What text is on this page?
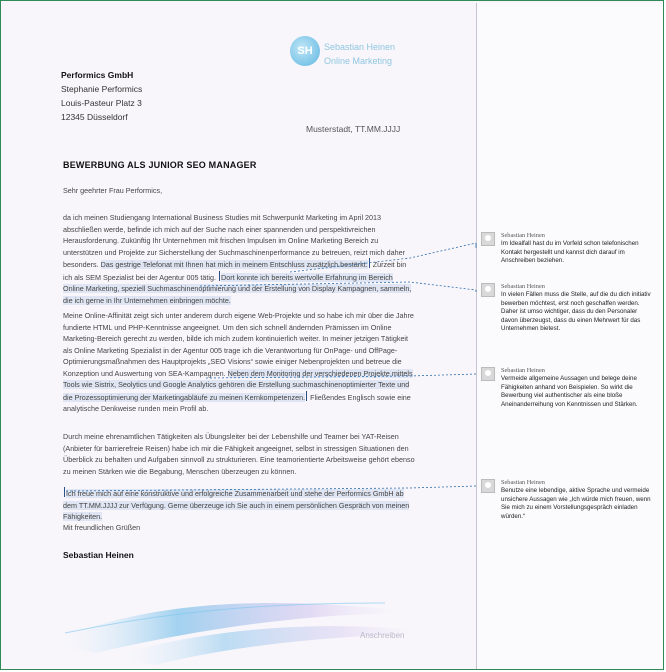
SH Sebastian Heinen
Online Marketing
Performics GmbH
Stephanie Performics
Louis-Pasteur Platz 3
12345 Düsseldorf
Musterstadt, TT.MM.JJJJ
BEWERBUNG ALS JUNIOR SEO MANAGER
Sehr geehrter Frau Performics,
da ich meinen Studiengang International Business Studies mit Schwerpunkt Marketing im April 2013 abschließen werde, befinde ich mich auf der Suche nach einer spannenden und perspektivreichen Herausforderung. Zukünftig Ihr Unternehmen mit frischen Impulsen im Online Marketing Bereich zu unterstützen und Projekte zur Sicherstellung der Suchmaschinenperformance zu betreuen, reizt mich daher besonders. Das gestrige Telefonat mit Ihnen hat mich in meinem Entschluss zusätzlich bestärkt. Zurzeit bin ich als SEM Spezialist bei der Agentur 005 tätig. Dort konnte ich bereits wertvolle Erfahrung im Bereich Online Marketing, speziell Suchmaschinenoptimierung und der Erstellung von Display Kampagnen, sammeln, die ich gerne in Ihr Unternehmen einbringen möchte.
Meine Online-Affinität zeigt sich unter anderem durch eigene Web-Projekte und so habe ich mir über die Jahre fundierte HTML und PHP-Kenntnisse angeeignet. Um den sich schnell ändernden Prämissen im Online Marketing-Bereich gerecht zu werden, bilde ich mich zudem kontinuierlich weiter. In meiner jetzigen Tätigkeit als Online Marketing Spezialist in der Agentur 005 trage ich die Verantwortung für OnPage- und OffPage-Optimierungsmaßnahmen des Hauptprojekts „SEO Visions“ sowie einiger Nebenprojekten und betreue die Konzeption und Auswertung von SEA-Kampagnen. Neben dem Monitoring der verschiedenen Projekte mittels Tools wie Sistrix, Seolytics und Google Analytics gehören die Erstellung suchmaschinenoptimierter Texte und die Prozessoptimierung der Marketingabläufe zu meinen Kernkompetenzen. Fließendes Englisch sowie eine analytische Denkweise runden mein Profil ab.
Durch meine ehrenamtlichen Tätigkeiten als Übungsleiter bei der Lebenshilfe und Teamer bei YAT-Reisen (Anbieter für barrierefreie Reisen) habe ich mir die Fähigkeit angeeignet, selbst in stressigen Situationen den Überblick zu behalten und Aufgaben sinnvoll zu strukturieren. Eine teamorientierte Arbeitsweise gehört ebenso zu meinen Stärken wie die Begabung, Menschen überzeugen zu können.
Ich freue mich auf eine konstruktive und erfolgreiche Zusammenarbeit und stehe der Performics GmbH ab dem TT.MM.JJJJ zur Verfügung. Gerne überzeuge ich Sie auch in einem persönlichen Gespräch von meinen Fähigkeiten.
Mit freundlichen Grüßen
Sebastian Heinen
Anschreiben
Sebastian Heinen
Im Idealfall hast du im Vorfeld schon telefonischen Kontakt hergestellt und kannst dich darauf im Anschreiben beziehen.
Sebastian Heinen
In vielen Fällen muss die Stelle, auf die du dich initiativ bewerben möchtest, erst noch geschaffen werden. Daher ist umso wichtiger, dass du den Personaler davon überzeugst, dass du einen Mehrwert für das Unternehmen bietest.
Sebastian Heinen
Vermeide allgemeine Aussagen und belege deine Fähigkeiten anhand von Beispielen. So wirkt die Bewerbung viel authentischer als eine bloße Aneinanderreihung von Kenntnissen und Stärken.
Sebastian Heinen
Benutze eine lebendige, aktive Sprache und vermeide unsichere Aussagen wie „Ich würde mich freuen, wenn Sie mich zu einem Vorstellungsgespräch einladen würden.“
